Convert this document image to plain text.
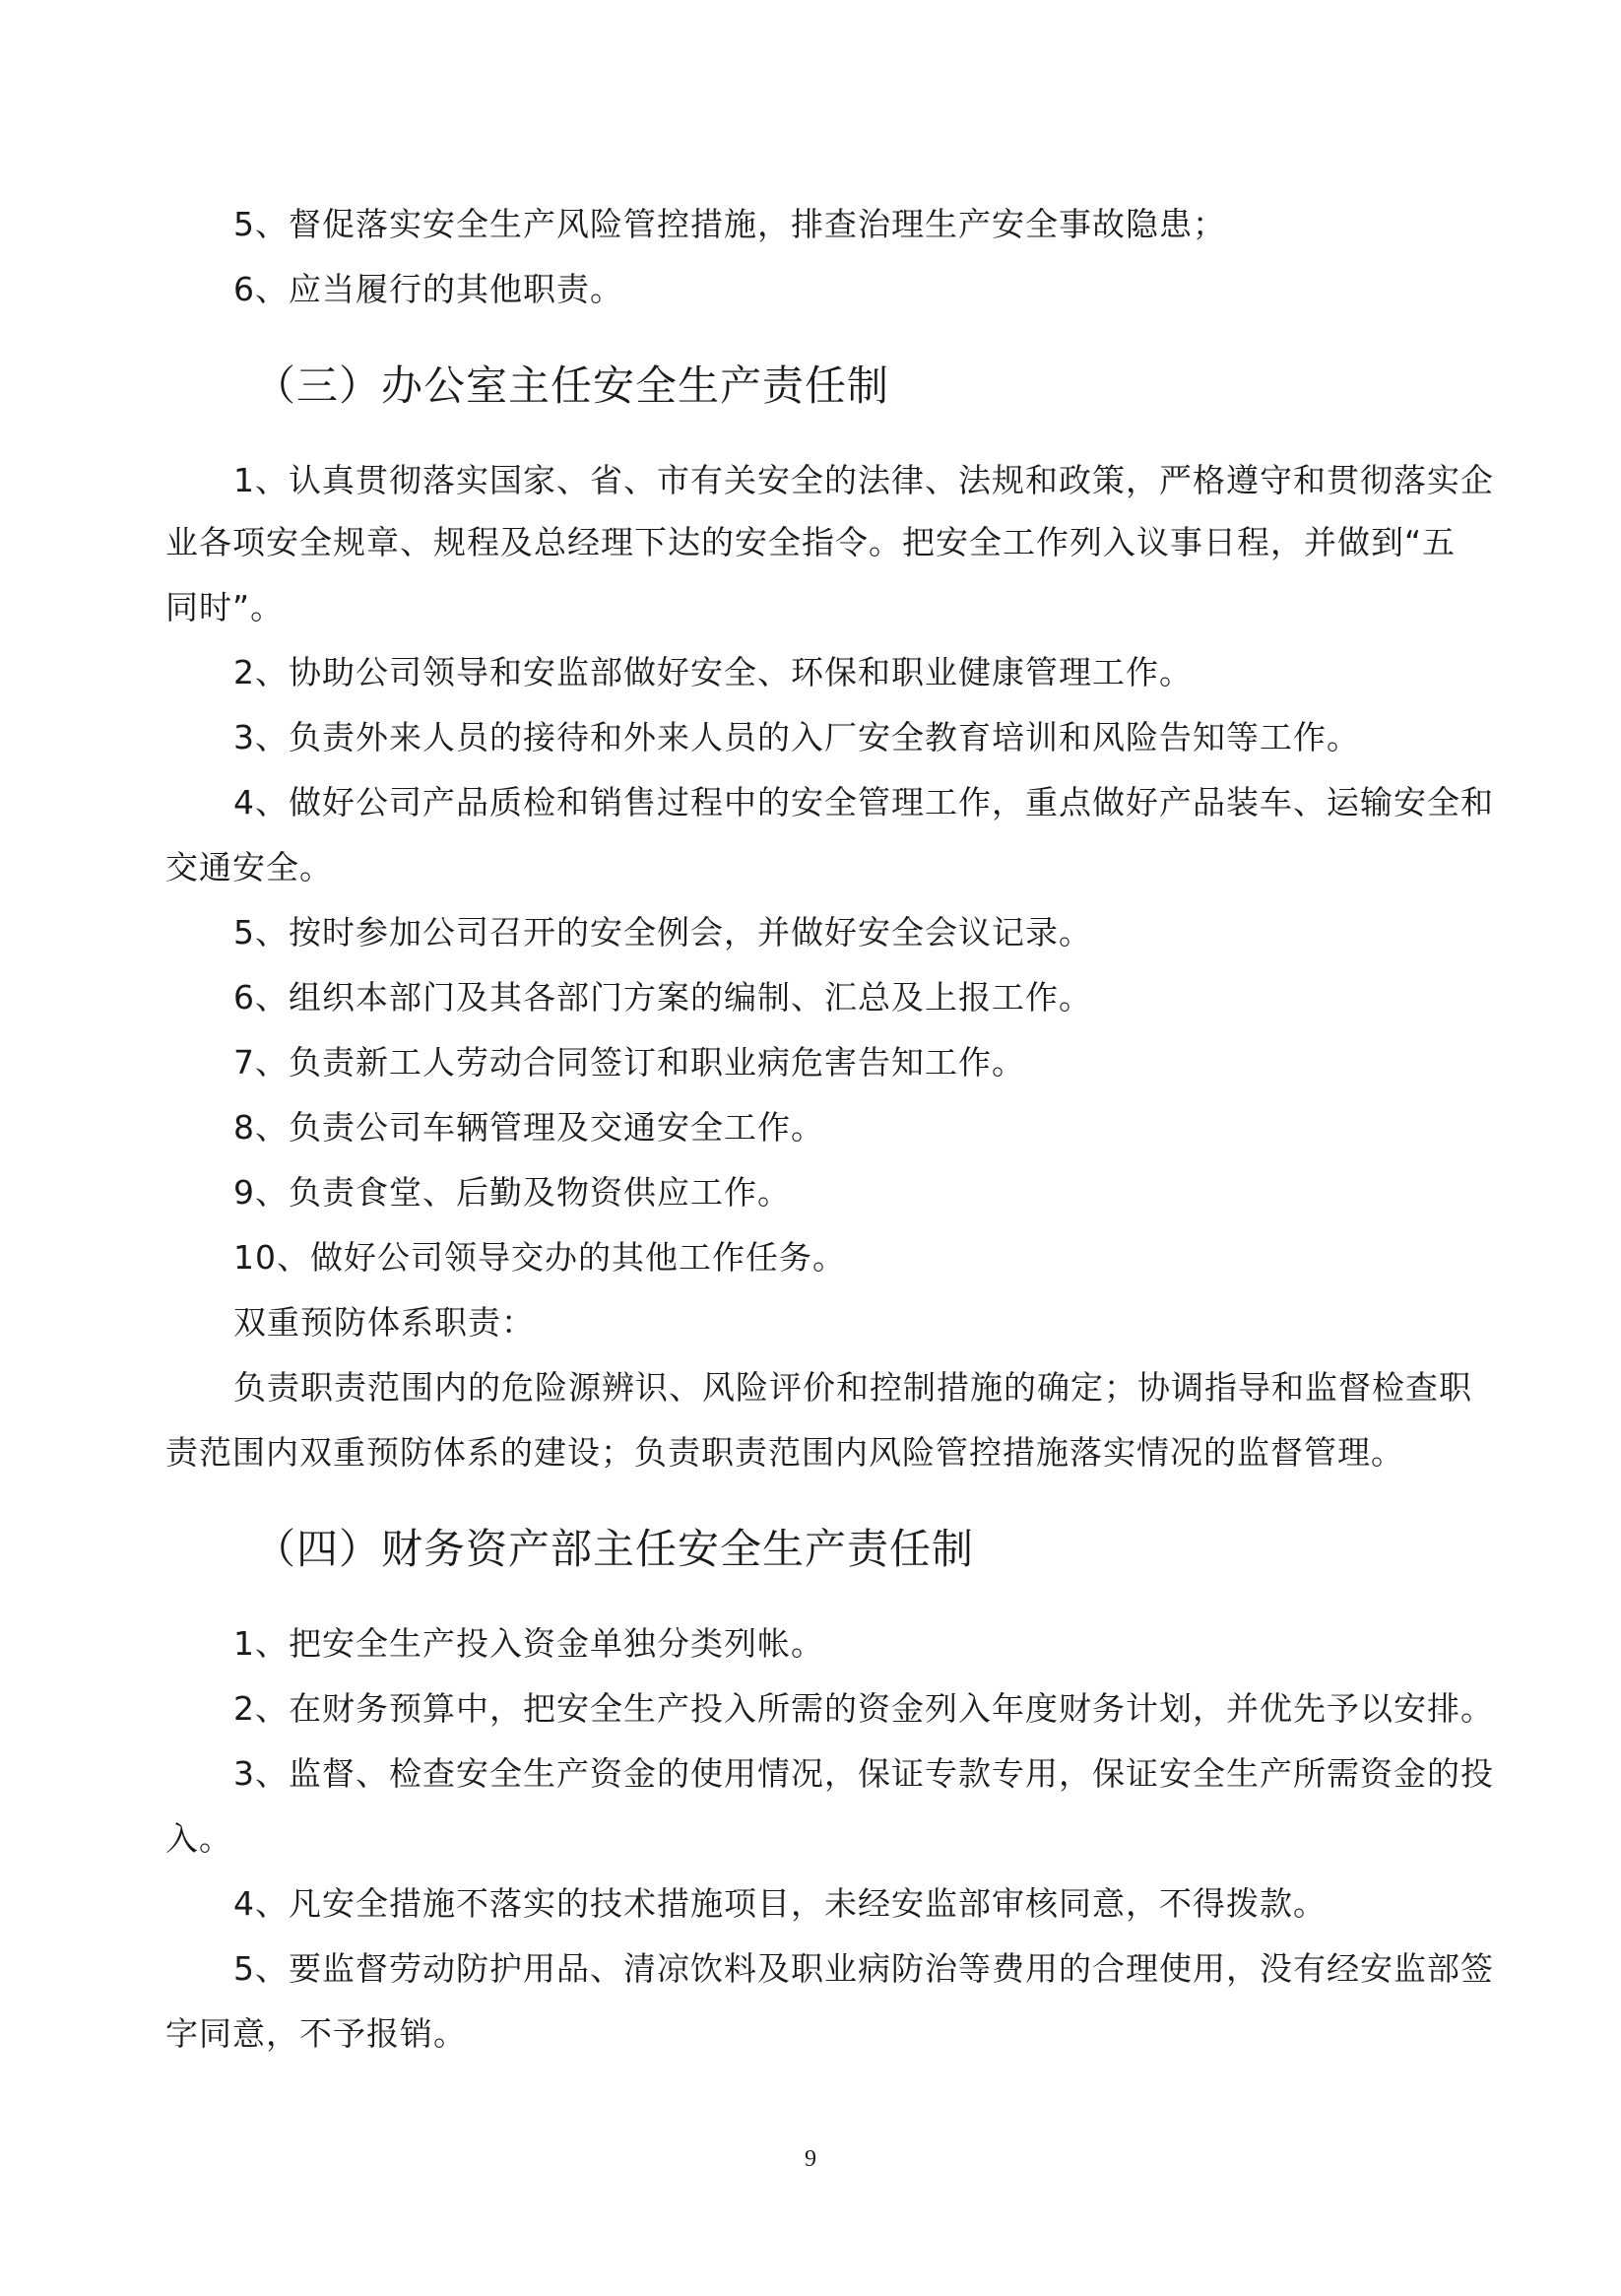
5、督促落实安全生产风险管控措施，排查治理生产安全事故隐患；
6、应当履行的其他职责。
（三）办公室主任安全生产责任制
1、认真贯彻落实国家、省、市有关安全的法律、法规和政策，严格遵守和贯彻落实企
业各项安全规章、规程及总经理下达的安全指令。把安全工作列入议事日程，并做到“五
同时”。
2、协助公司领导和安监部做好安全、环保和职业健康管理工作。
3、负责外来人员的接待和外来人员的入厂安全教育培训和风险告知等工作。
4、做好公司产品质检和销售过程中的安全管理工作，重点做好产品装车、运输安全和
交通安全。
5、按时参加公司召开的安全例会，并做好安全会议记录。
6、组织本部门及其各部门方案的编制、汇总及上报工作。
7、负责新工人劳动合同签订和职业病危害告知工作。
8、负责公司车辆管理及交通安全工作。
9、负责食堂、后勤及物资供应工作。
10、做好公司领导交办的其他工作任务。
双重预防体系职责：
负责职责范围内的危险源辨识、风险评价和控制措施的确定；协调指导和监督检查职
责范围内双重预防体系的建设；负责职责范围内风险管控措施落实情况的监督管理。
（四）财务资产部主任安全生产责任制
1、把安全生产投入资金单独分类列帐。
2、在财务预算中，把安全生产投入所需的资金列入年度财务计划，并优先予以安排。
3、监督、检查安全生产资金的使用情况，保证专款专用，保证安全生产所需资金的投
入。
4、凡安全措施不落实的技术措施项目，未经安监部审核同意，不得拨款。
5、要监督劳动防护用品、清凉饮料及职业病防治等费用的合理使用，没有经安监部签
字同意，不予报销。
9
